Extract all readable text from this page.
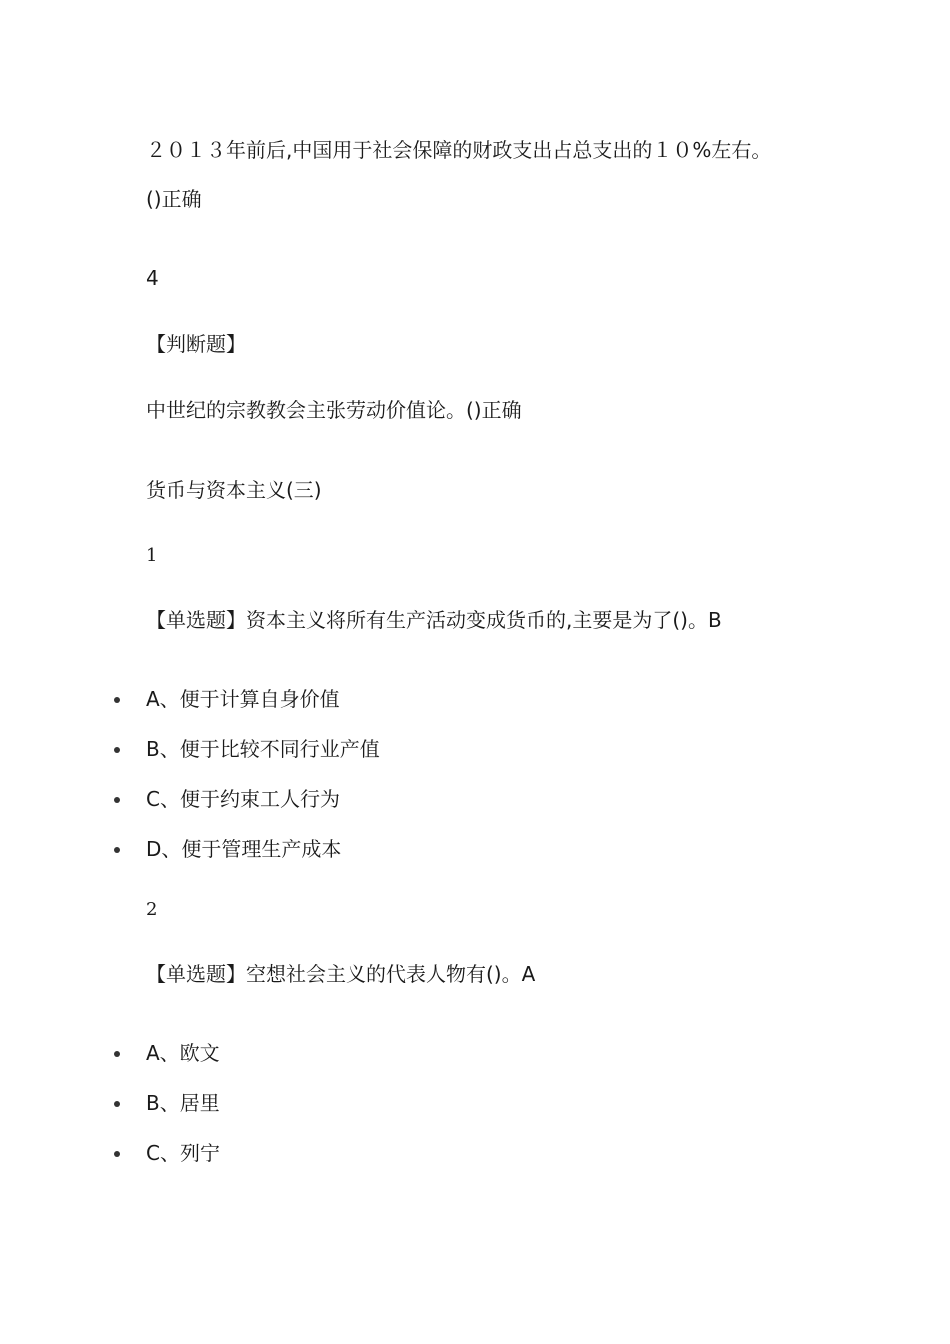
２０１３年前后,中国用于社会保障的财政支出占总支出的１０%左右。
()正确
4
【判断题】
中世纪的宗教教会主张劳动价值论。()正确
货币与资本主义(三)
1
【单选题】资本主义将所有生产活动变成货币的,主要是为了()。B
A、便于计算自身价值
B、便于比较不同行业产值
C、便于约束工人行为
D、便于管理生产成本
2
【单选题】空想社会主义的代表人物有()。A
A、欧文
B、居里
C、列宁
